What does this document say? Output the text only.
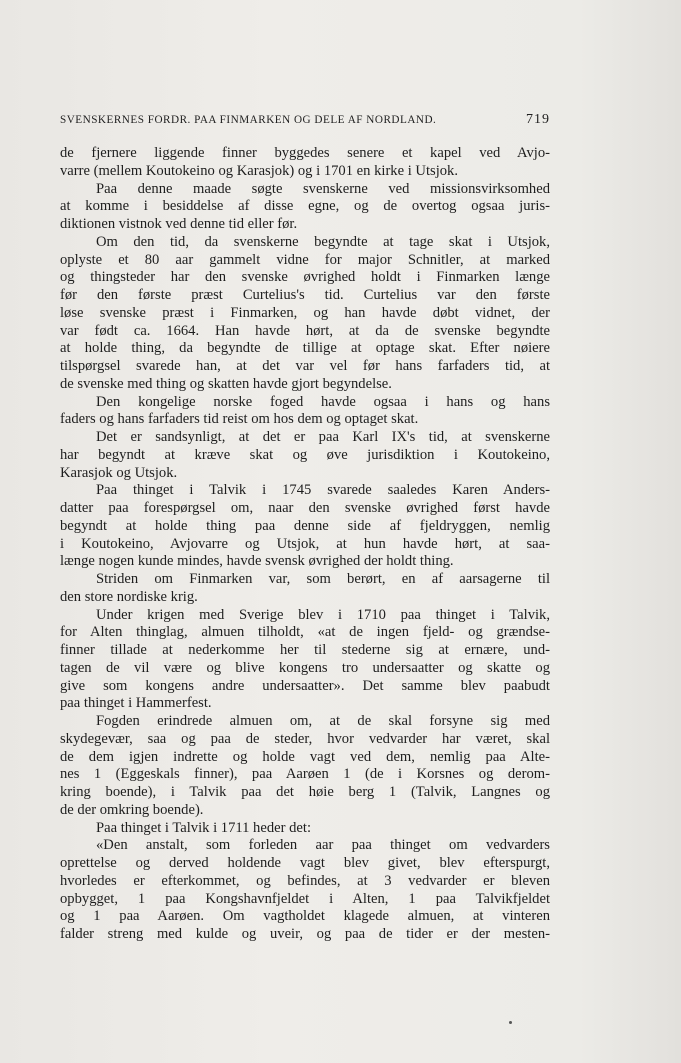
SVENSKERNES FORDR. PAA FINMARKEN OG DELE AF NORDLAND.	719
de fjernere liggende finner byggedes senere et kapel ved Avjo-
varre (mellem Koutokeino og Karasjok) og i 1701 en kirke i Utsjok.
Paa denne maade søgte svenskerne ved missionsvirksomhed
at komme i besiddelse af disse egne, og de overtog ogsaa juris-
diktionen vistnok ved denne tid eller før.
Om den tid, da svenskerne begyndte at tage skat i Utsjok,
oplyste et 80 aar gammelt vidne for major Schnitler, at marked
og thingsteder har den svenske øvrighed holdt i Finmarken længe
før den første præst Curtelius's tid. Curtelius var den første
løse svenske præst i Finmarken, og han havde døbt vidnet, der
var født ca. 1664. Han havde hørt, at da de svenske begyndte
at holde thing, da begyndte de tillige at optage skat. Efter nøiere
tilspørgsel svarede han, at det var vel før hans farfaders tid, at
de svenske med thing og skatten havde gjort begyndelse.
Den kongelige norske foged havde ogsaa i hans og hans
faders og hans farfaders tid reist om hos dem og optaget skat.
Det er sandsynligt, at det er paa Karl IX's tid, at svenskerne
har begyndt at kræve skat og øve jurisdiktion i Koutokeino,
Karasjok og Utsjok.
Paa thinget i Talvik i 1745 svarede saaledes Karen Anders-
datter paa forespørgsel om, naar den svenske øvrighed først havde
begyndt at holde thing paa denne side af fjeldryggen, nemlig
i Koutokeino, Avjovarre og Utsjok, at hun havde hørt, at saa-
længe nogen kunde mindes, havde svensk øvrighed der holdt thing.
Striden om Finmarken var, som berørt, en af aarsagerne til
den store nordiske krig.
Under krigen med Sverige blev i 1710 paa thinget i Talvik,
for Alten thinglag, almuen tilholdt, «at de ingen fjeld- og grændse-
finner tillade at nederkomme her til stederne sig at ernære, und-
tagen de vil være og blive kongens tro undersaatter og skatte og
give som kongens andre undersaatter». Det samme blev paabudt
paa thinget i Hammerfest.
Fogden erindrede almuen om, at de skal forsyne sig med
skydegevær, saa og paa de steder, hvor vedvarder har været, skal
de dem igjen indrette og holde vagt ved dem, nemlig paa Alte-
nes 1 (Eggeskals finner), paa Aarøen 1 (de i Korsnes og derom-
kring boende), i Talvik paa det høie berg 1 (Talvik, Langnes og
de der omkring boende).
Paa thinget i Talvik i 1711 heder det:
«Den anstalt, som forleden aar paa thinget om vedvarders
oprettelse og derved holdende vagt blev givet, blev efterspurgt,
hvorledes er efterkommet, og befindes, at 3 vedvarder er bleven
opbygget, 1 paa Kongshavnfjeldet i Alten, 1 paa Talvikfjeldet
og 1 paa Aarøen. Om vagtholdet klagede almuen, at vinteren
falder streng med kulde og uveir, og paa de tider er der mesten-
